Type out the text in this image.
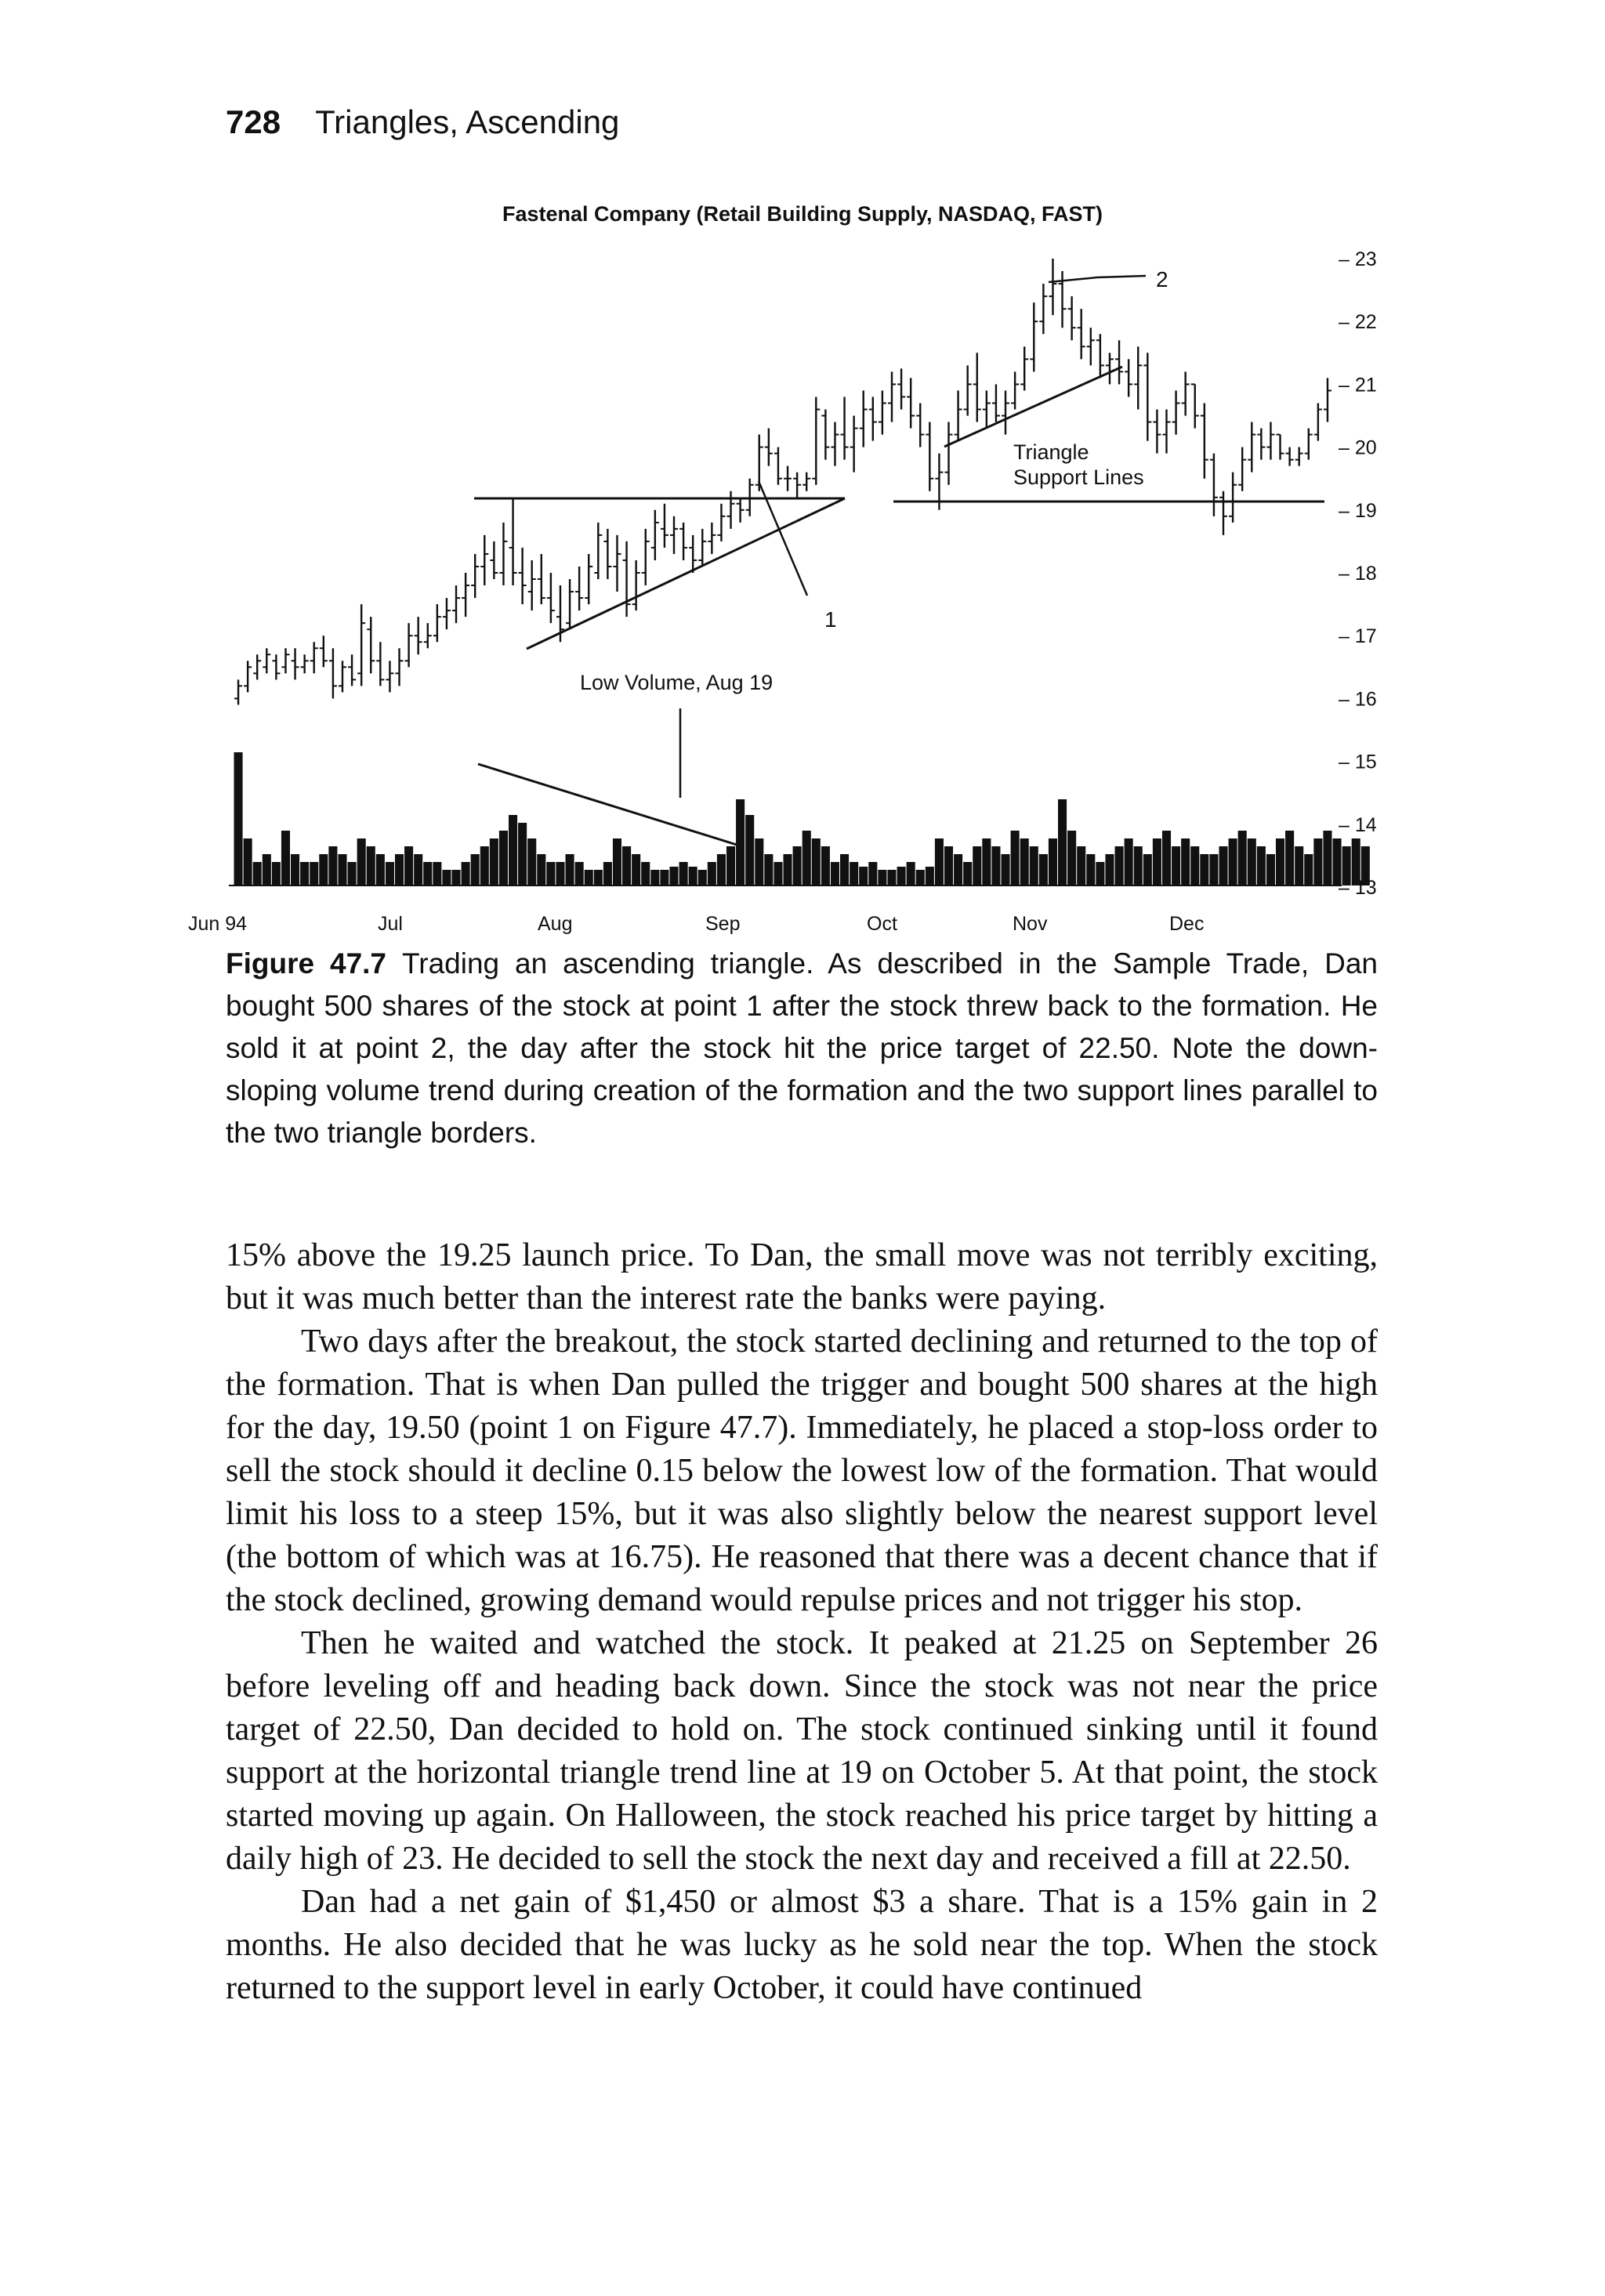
728 Triangles, Ascending
Fastenal Company (Retail Building Supply, NASDAQ, FAST)
1
2
Triangle Support Lines
Low Volume, Aug 19
– 23
– 22
– 21
– 20
– 19
– 18
– 17
– 16
– 15
– 14
– 13
Jun 94	Jul	Aug	Sep	Oct	Nov	Dec
Figure 47.7 Trading an ascending triangle. As described in the Sample Trade, Dan bought 500 shares of the stock at point 1 after the stock threw back to the formation. He sold it at point 2, the day after the stock hit the price target of 22.50. Note the down-sloping volume trend during creation of the formation and the two support lines parallel to the two triangle borders.

15% above the 19.25 launch price. To Dan, the small move was not terribly exciting, but it was much better than the interest rate the banks were paying.

Two days after the breakout, the stock started declining and returned to the top of the formation. That is when Dan pulled the trigger and bought 500 shares at the high for the day, 19.50 (point 1 on Figure 47.7). Immediately, he placed a stop-loss order to sell the stock should it decline 0.15 below the lowest low of the formation. That would limit his loss to a steep 15%, but it was also slightly below the nearest support level (the bottom of which was at 16.75). He reasoned that there was a decent chance that if the stock declined, growing demand would repulse prices and not trigger his stop.

Then he waited and watched the stock. It peaked at 21.25 on September 26 before leveling off and heading back down. Since the stock was not near the price target of 22.50, Dan decided to hold on. The stock continued sinking until it found support at the horizontal triangle trend line at 19 on October 5. At that point, the stock started moving up again. On Halloween, the stock reached his price target by hitting a daily high of 23. He decided to sell the stock the next day and received a fill at 22.50.

Dan had a net gain of $1,450 or almost $3 a share. That is a 15% gain in 2 months. He also decided that he was lucky as he sold near the top. When the stock returned to the support level in early October, it could have continued
